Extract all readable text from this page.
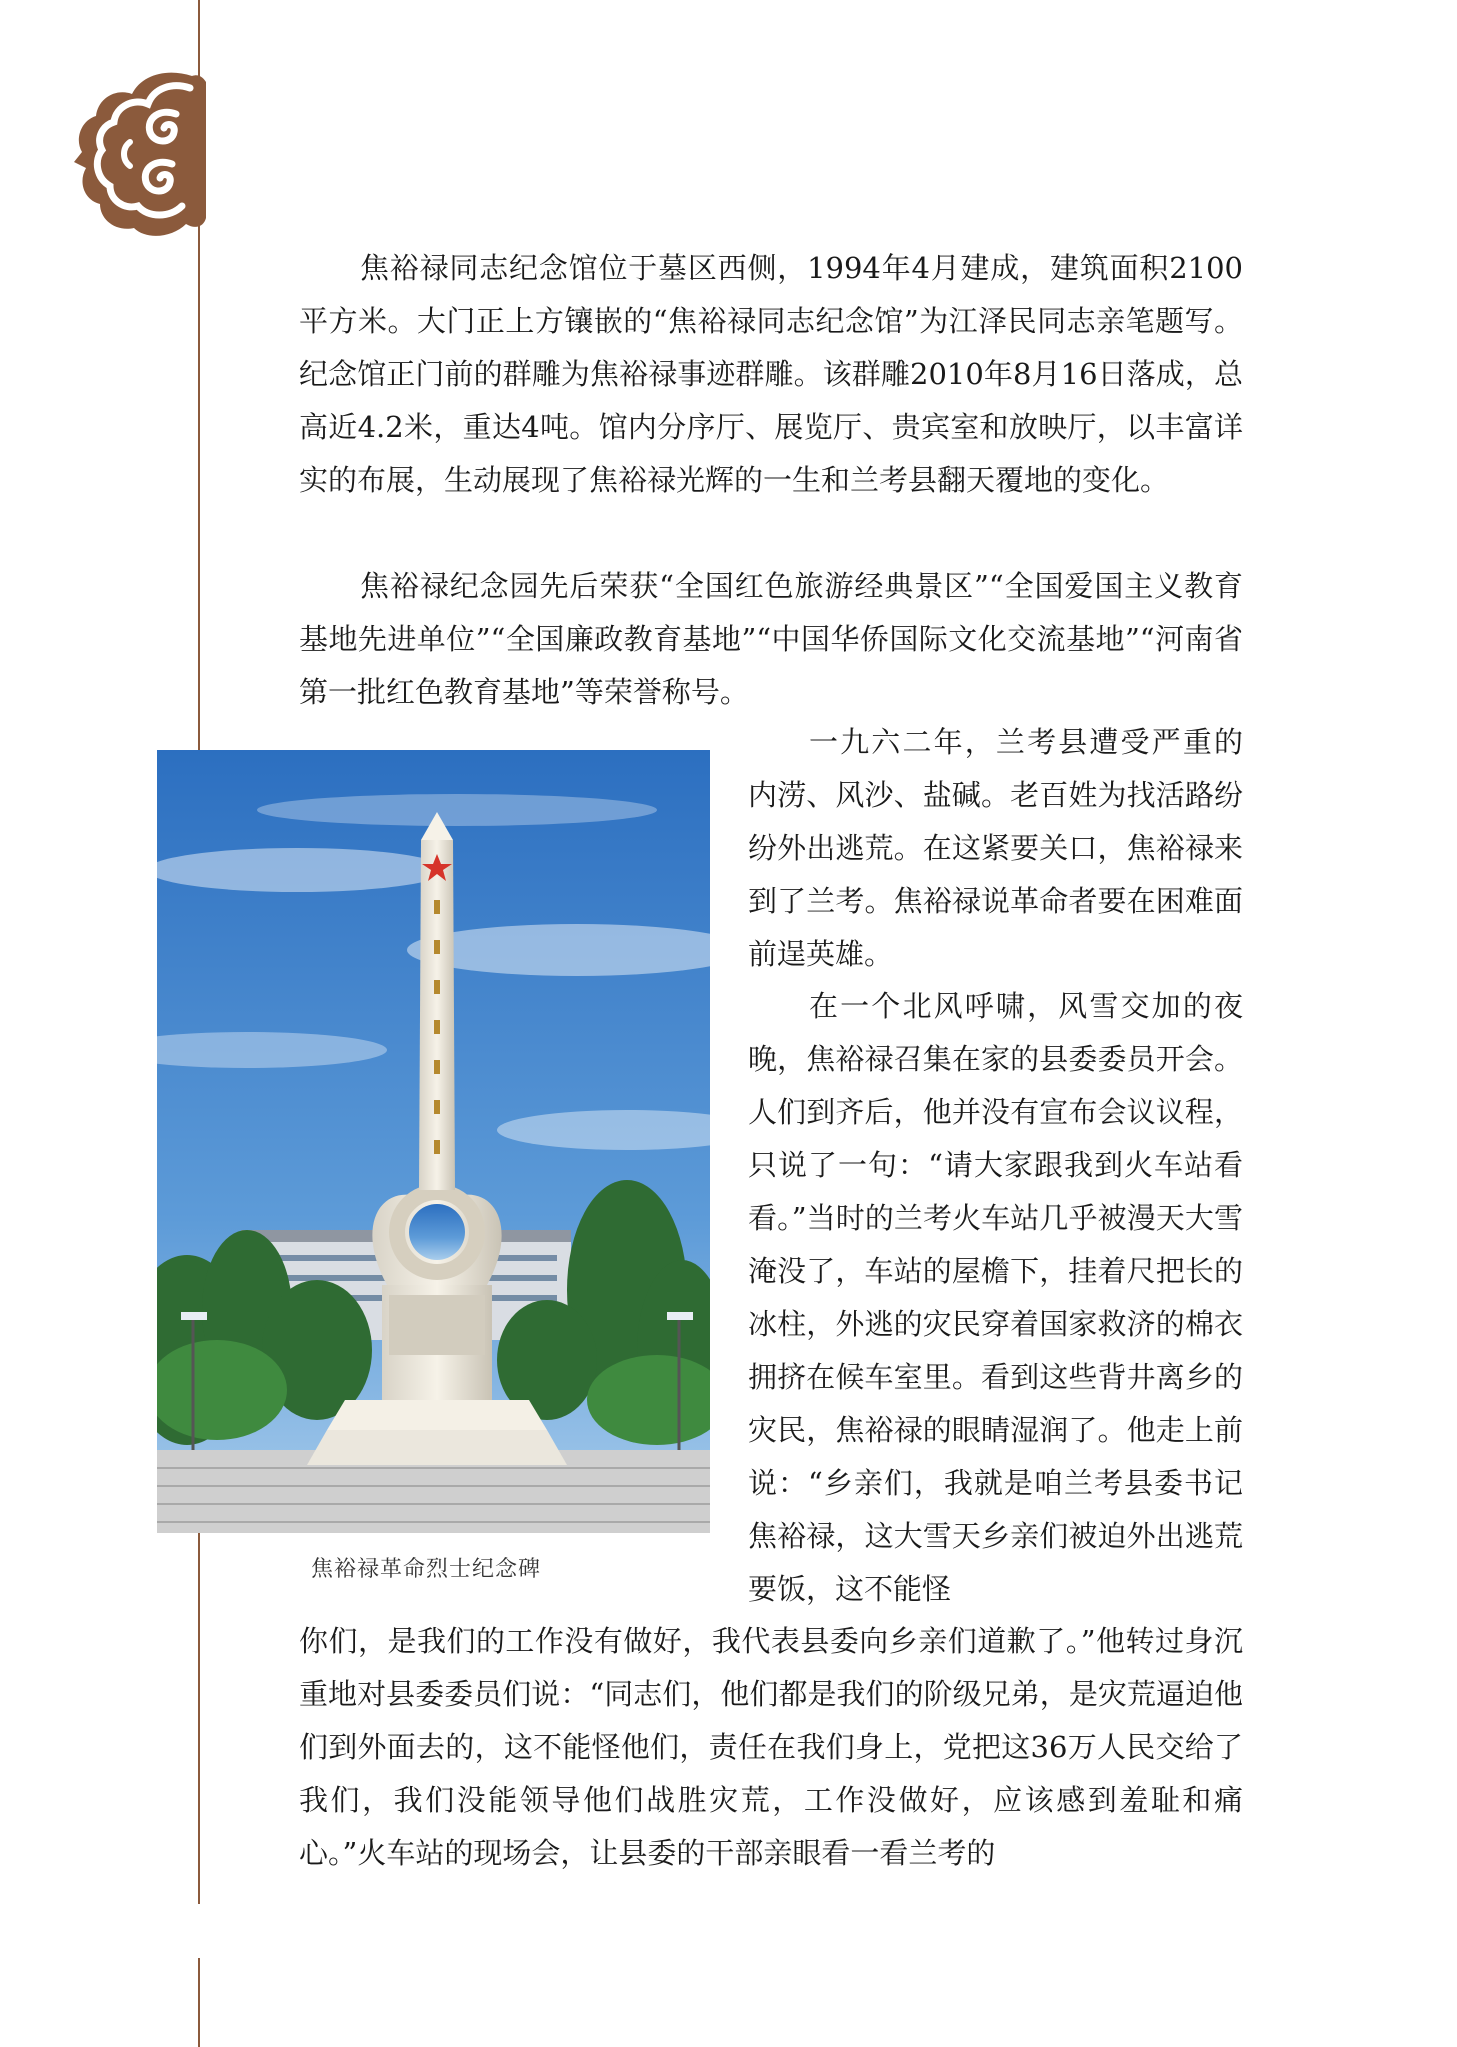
焦裕禄同志纪念馆位于墓区西侧，1994年4月建成，建筑面积2100平方米。大门正上方镶嵌的“焦裕禄同志纪念馆”为江泽民同志亲笔题写。纪念馆正门前的群雕为焦裕禄事迹群雕。该群雕2010年8月16日落成，总高近4.2米，重达4吨。馆内分序厅、展览厅、贵宾室和放映厅，以丰富详实的布展，生动展现了焦裕禄光辉的一生和兰考县翻天覆地的变化。

焦裕禄纪念园先后荣获“全国红色旅游经典景区”“全国爱国主义教育基地先进单位”“全国廉政教育基地”“中国华侨国际文化交流基地”“河南省第一批红色教育基地”等荣誉称号。

一九六二年，兰考县遭受严重的内涝、风沙、盐碱。老百姓为找活路纷纷外出逃荒。在这紧要关口，焦裕禄来到了兰考。焦裕禄说革命者要在困难面前逞英雄。

在一个北风呼啸，风雪交加的夜晚，焦裕禄召集在家的县委委员开会。人们到齐后，他并没有宣布会议议程，只说了一句：“请大家跟我到火车站看看。”当时的兰考火车站几乎被漫天大雪淹没了，车站的屋檐下，挂着尺把长的冰柱，外逃的灾民穿着国家救济的棉衣拥挤在候车室里。看到这些背井离乡的灾民，焦裕禄的眼睛湿润了。他走上前说：“乡亲们，我就是咱兰考县委书记焦裕禄，这大雪天乡亲们被迫外出逃荒要饭，这不能怪

你们，是我们的工作没有做好，我代表县委向乡亲们道歉了。”他转过身沉重地对县委委员们说：“同志们，他们都是我们的阶级兄弟，是灾荒逼迫他们到外面去的，这不能怪他们，责任在我们身上，党把这36万人民交给了我们，我们没能领导他们战胜灾荒，工作没做好，应该感到羞耻和痛心。”火车站的现场会，让县委的干部亲眼看一看兰考的

焦裕禄革命烈士纪念碑
